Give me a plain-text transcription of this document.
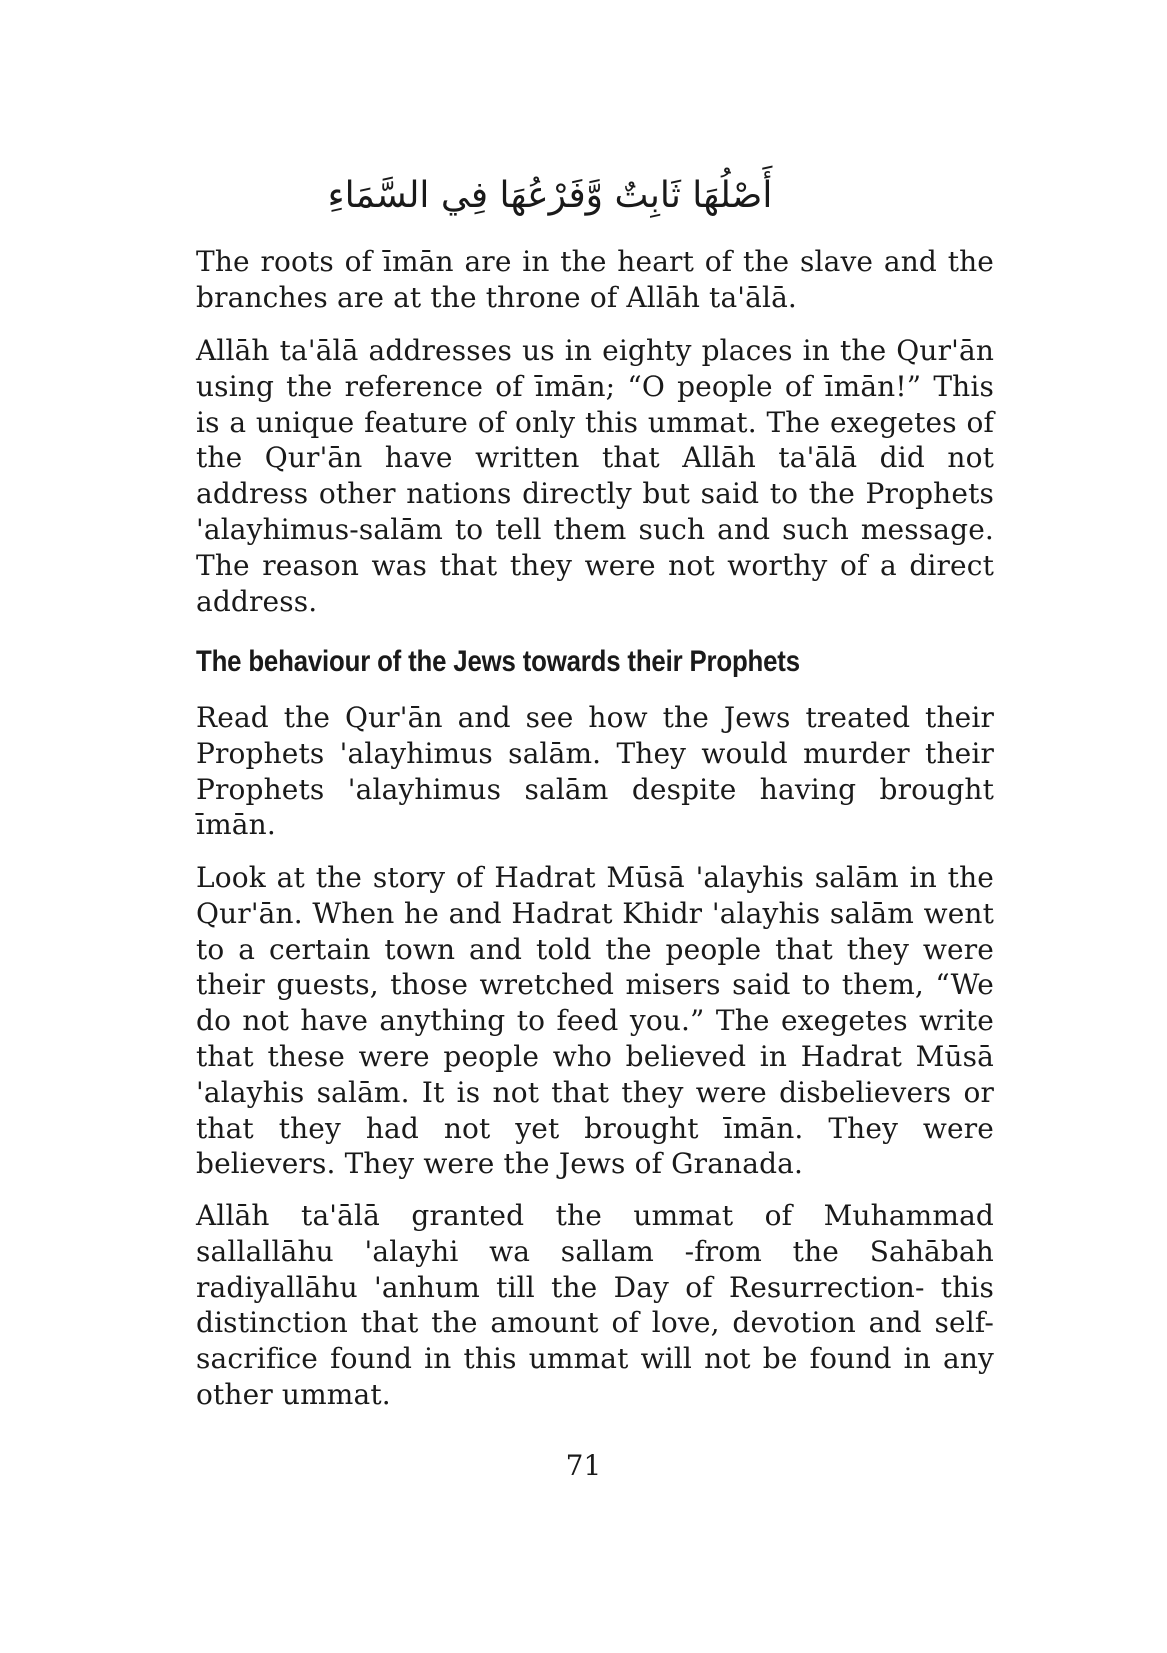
أَصْلُهَا ثَابِتٌ وَّفَرْعُهَا فِي السَّمَاءِ

The roots of īmān are in the heart of the slave and the branches are at the throne of Allāh ta'ālā.

Allāh ta'ālā addresses us in eighty places in the Qur'ān using the reference of īmān; “O people of īmān!” This is a unique feature of only this ummat. The exegetes of the Qur'ān have written that Allāh ta'ālā did not address other nations directly but said to the Prophets 'alayhimus-salām to tell them such and such message. The reason was that they were not worthy of a direct address.

The behaviour of the Jews towards their Prophets

Read the Qur'ān and see how the Jews treated their Prophets 'alayhimus salām. They would murder their Prophets 'alayhimus salām despite having brought īmān.

Look at the story of Hadrat Mūsā 'alayhis salām in the Qur'ān. When he and Hadrat Khidr 'alayhis salām went to a certain town and told the people that they were their guests, those wretched misers said to them, “We do not have anything to feed you.” The exegetes write that these were people who believed in Hadrat Mūsā 'alayhis salām. It is not that they were disbelievers or that they had not yet brought īmān. They were believers. They were the Jews of Granada.

Allāh ta'ālā granted the ummat of Muhammad sallallāhu 'alayhi wa sallam -from the Sahābah radiyallāhu 'anhum till the Day of Resurrection- this distinction that the amount of love, devotion and self-sacrifice found in this ummat will not be found in any other ummat.

71
